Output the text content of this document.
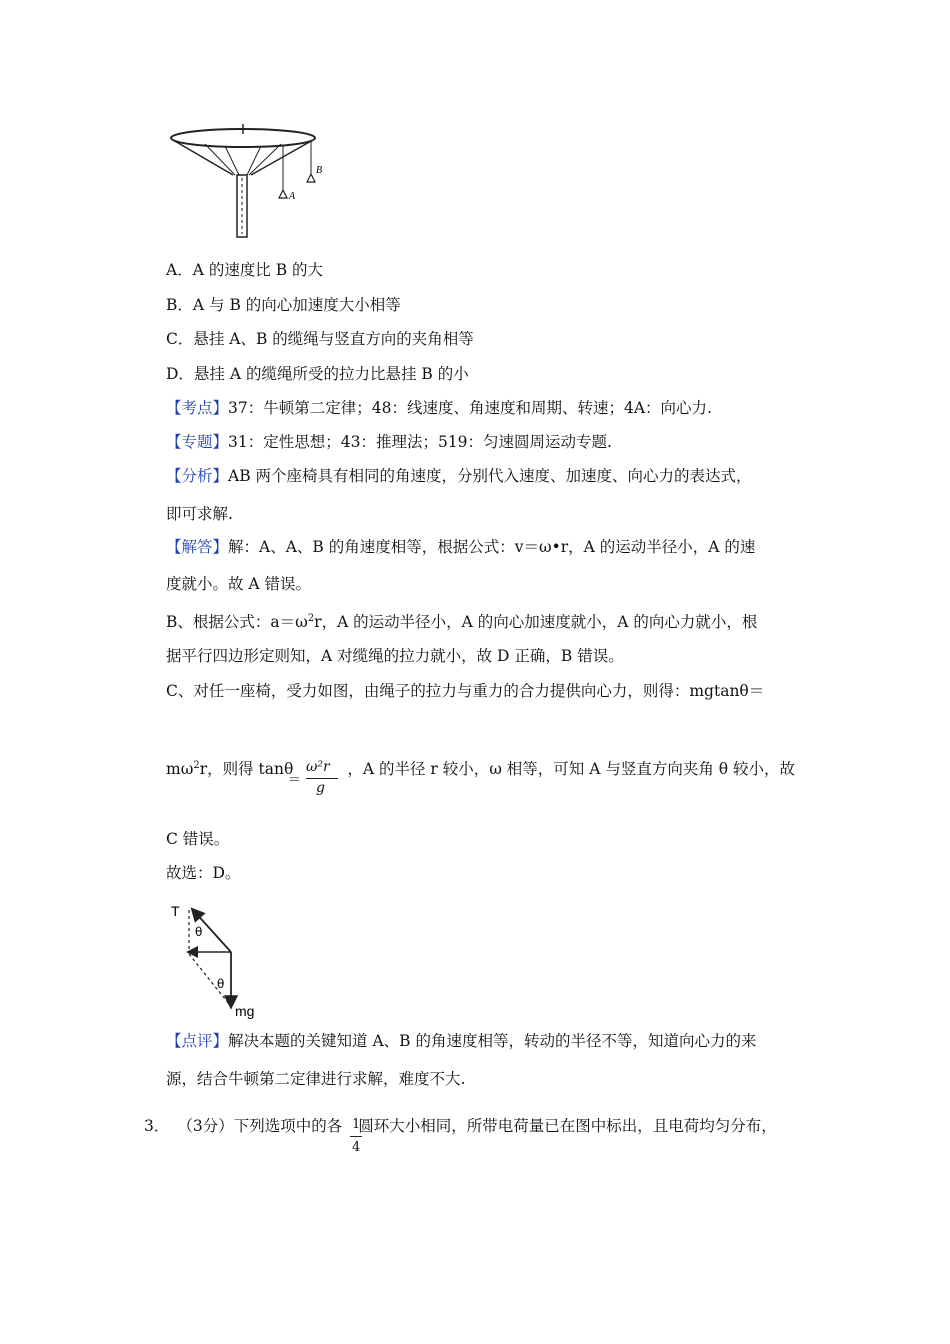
A
B
A．A 的速度比 B 的大
B．A 与 B 的向心加速度大小相等
C．悬挂 A、B 的缆绳与竖直方向的夹角相等
D．悬挂 A 的缆绳所受的拉力比悬挂 B 的小
【考点】37：牛顿第二定律；48：线速度、角速度和周期、转速；4A：向心力.
【专题】31：定性思想；43：推理法；519：匀速圆周运动专题.
【分析】AB 两个座椅具有相同的角速度，分别代入速度、加速度、向心力的表达式，
即可求解.
【解答】解：A、A、B 的角速度相等，根据公式：v＝ω•r，A 的运动半径小，A 的速
度就小。故 A 错误。
B、根据公式：$a=\omega^2r$，A 的运动半径小，A 的向心加速度就小，A 的向心力就小，根
据平行四边形定则知，A 对缆绳的拉力就小，故 D 正确，B 错误。
C、对任一座椅，受力如图，由绳子的拉力与重力的合力提供向心力，则得：mgtanθ＝
$m\omega^2r$，则得 tanθ	，A 的半径 r 较小，ω 相等，可知 A 与竖直方向夹角 θ 较小，故
＝
ω²r
g
C 错误。
故选：D。
T
θ
θ
mg
【点评】解决本题的关键知道 A、B 的角速度相等，转动的半径不等，知道向心力的来
源，结合牛顿第二定律进行求解，难度不大.
3． （3分）下列选项中的各 圆环大小相同，所带电荷量已在图中标出，且电荷均匀分布，
1
4
